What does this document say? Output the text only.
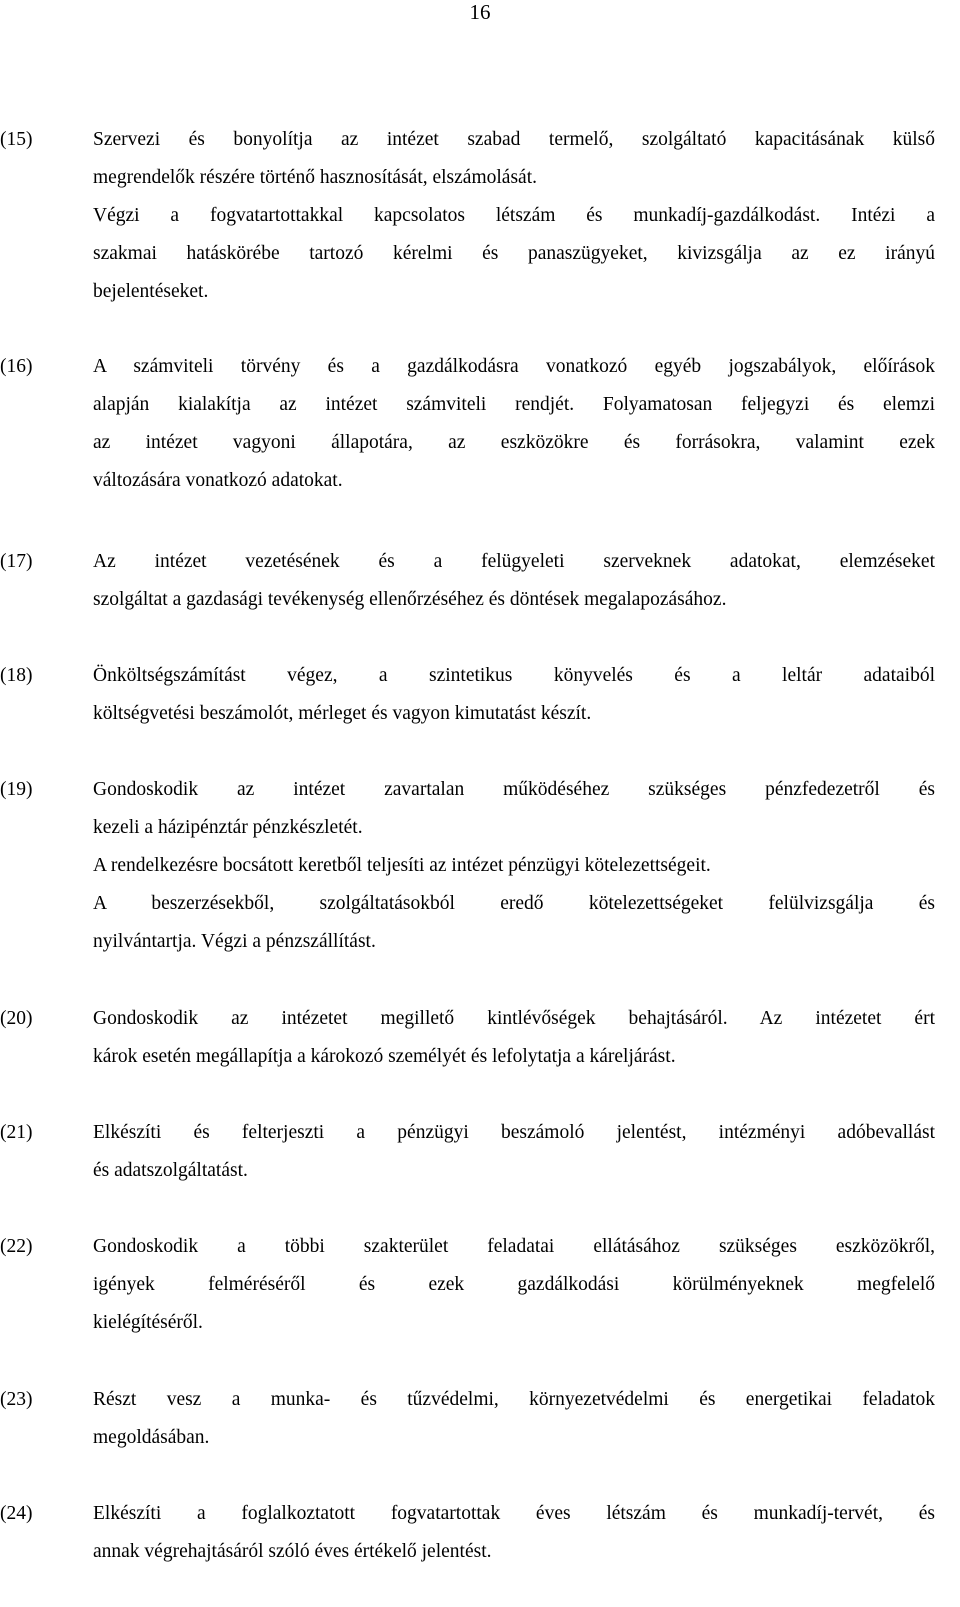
16
(15)	Szervezi és bonyolítja az intézet szabad termelő, szolgáltató kapacitásának külső
megrendelők részére történő hasznosítását, elszámolását.
Végzi a fogvatartottakkal kapcsolatos létszám és munkadíj-gazdálkodást. Intézi a
szakmai hatáskörébe tartozó kérelmi és panaszügyeket, kivizsgálja az ez irányú
bejelentéseket.
(16)	A számviteli törvény és a gazdálkodásra vonatkozó egyéb jogszabályok, előírások
alapján kialakítja az intézet számviteli rendjét. Folyamatosan feljegyzi és elemzi
az intézet vagyoni állapotára, az eszközökre és forrásokra, valamint ezek
változására vonatkozó adatokat.
(17)	Az intézet vezetésének és a felügyeleti szerveknek adatokat, elemzéseket
szolgáltat a gazdasági tevékenység ellenőrzéséhez és döntések megalapozásához.
(18)	Önköltségszámítást végez, a szintetikus könyvelés és a leltár adataiból
költségvetési beszámolót, mérleget és vagyon kimutatást készít.
(19)	Gondoskodik az intézet zavartalan működéséhez szükséges pénzfedezetről és
kezeli a házipénztár pénzkészletét.
A rendelkezésre bocsátott keretből teljesíti az intézet pénzügyi kötelezettségeit.
A beszerzésekből, szolgáltatásokból eredő kötelezettségeket felülvizsgálja és
nyilvántartja. Végzi a pénzszállítást.
(20)	Gondoskodik az intézetet megillető kintlévőségek behajtásáról. Az intézetet ért
károk esetén megállapítja a károkozó személyét és lefolytatja a káreljárást.
(21)	Elkészíti és felterjeszti a pénzügyi beszámoló jelentést, intézményi adóbevallást
és adatszolgáltatást.
(22)	Gondoskodik a többi szakterület feladatai ellátásához szükséges eszközökről,
igények felméréséről és ezek gazdálkodási körülményeknek megfelelő
kielégítéséről.
(23)	Részt vesz a munka- és tűzvédelmi, környezetvédelmi és energetikai feladatok
megoldásában.
(24)	Elkészíti a foglalkoztatott fogvatartottak éves létszám és munkadíj-tervét, és
annak végrehajtásáról szóló éves értékelő jelentést.
